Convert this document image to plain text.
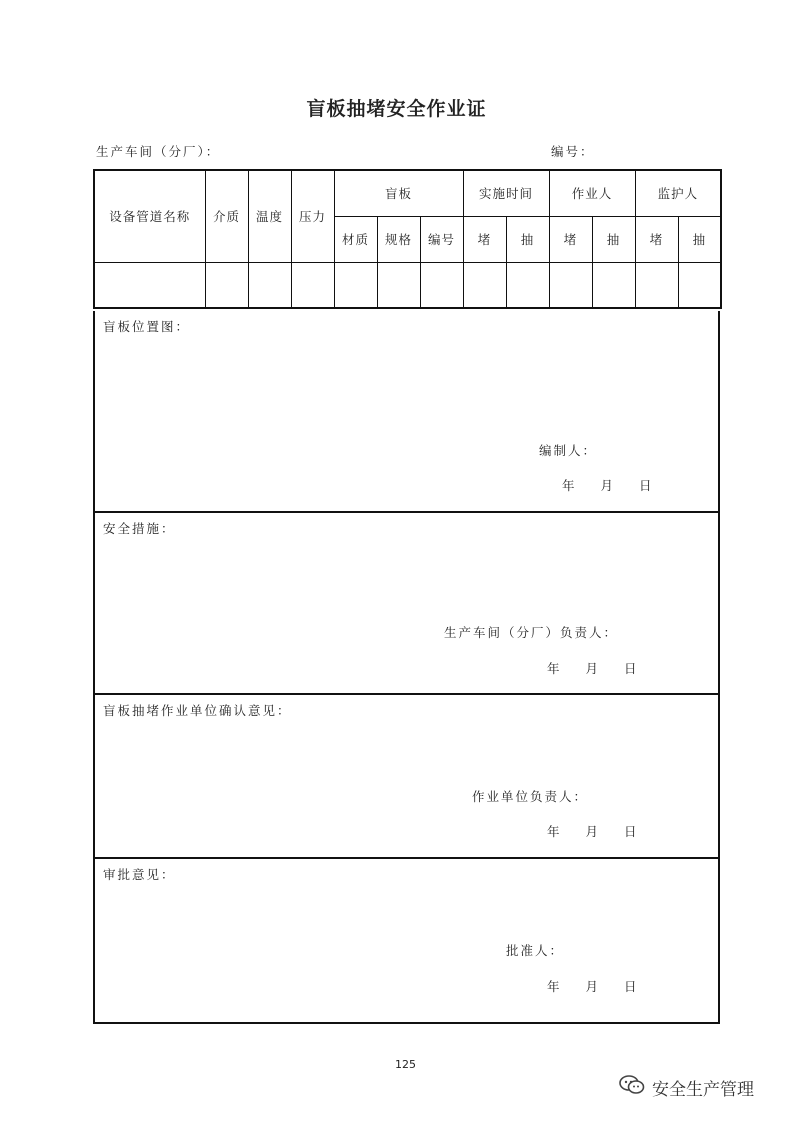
盲板抽堵安全作业证
生产车间（分厂）：	编号：
设备管道名称	介质	温度	压力	盲板			实施时间		作业人		监护人	
				材质	规格	编号	堵	抽	堵	抽	堵	抽

盲板位置图：
编制人：
年 月 日
安全措施：
生产车间（分厂）负责人：
年 月 日
盲板抽堵作业单位确认意见：
作业单位负责人：
年 月 日
审批意见：
批准人：
年 月 日
125
安全生产管理
